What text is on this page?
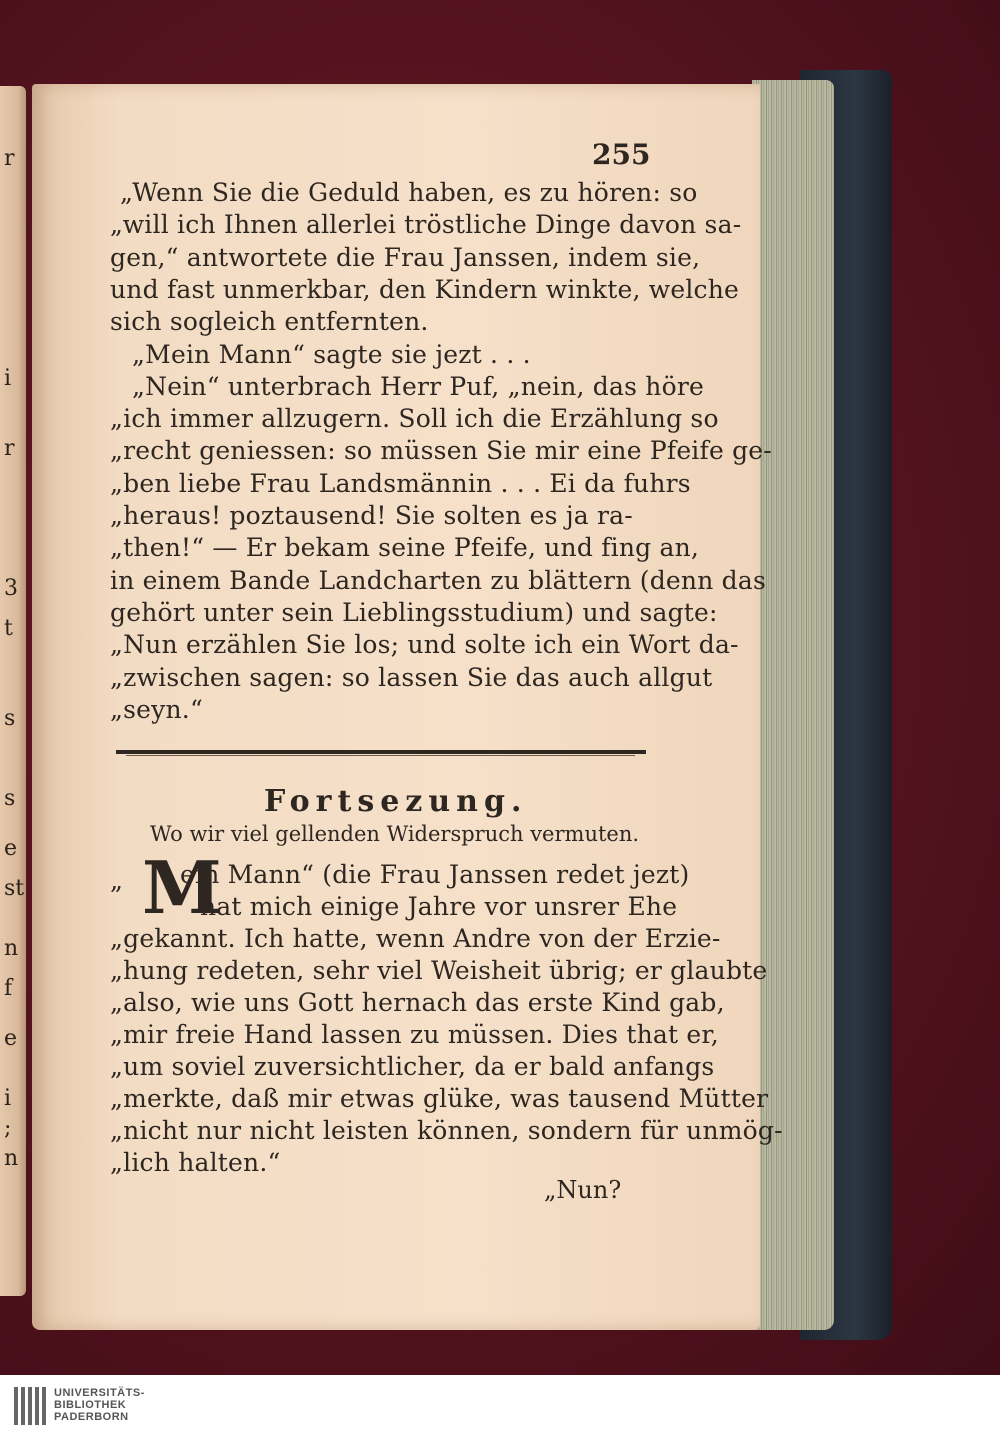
r
i
r
3
t
s
s
e
st
n
f
e
i
;
n
255
„Wenn Sie die Geduld haben, es zu hören: so
„will ich Ihnen allerlei tröstliche Dinge davon sa-
gen,“ antwortete die Frau Janssen, indem sie,
und fast unmerkbar, den Kindern winkte, welche
sich sogleich entfernten.
„Mein Mann“ sagte sie jezt . . .
„Nein“ unterbrach Herr Puf, „nein, das höre
„ich immer allzugern. Soll ich die Erzählung so
„recht geniessen: so müssen Sie mir eine Pfeife ge-
„ben liebe Frau Landsmännin . . . Ei da fuhrs
„heraus! poztausend! Sie solten es ja ra-
„then!“ — Er bekam seine Pfeife, und fing an,
in einem Bande Landcharten zu blättern (denn das
gehört unter sein Lieblingsstudium) und sagte:
„Nun erzählen Sie los; und solte ich ein Wort da-
„zwischen sagen: so lassen Sie das auch allgut
„seyn.“
Fortsezung.
Wo wir viel gellenden Widerspruch vermuten.
„ M
ein Mann“ (die Frau Janssen redet jezt)
hat mich einige Jahre vor unsrer Ehe
„gekannt. Ich hatte, wenn Andre von der Erzie-
„hung redeten, sehr viel Weisheit übrig; er glaubte
„also, wie uns Gott hernach das erste Kind gab,
„mir freie Hand lassen zu müssen. Dies that er,
„um soviel zuversichtlicher, da er bald anfangs
„merkte, daß mir etwas glüke, was tausend Mütter
„nicht nur nicht leisten können, sondern für unmög-
„lich halten.“
„Nun?
UNIVERSITÄTS-
BIBLIOTHEK
PADERBORN
